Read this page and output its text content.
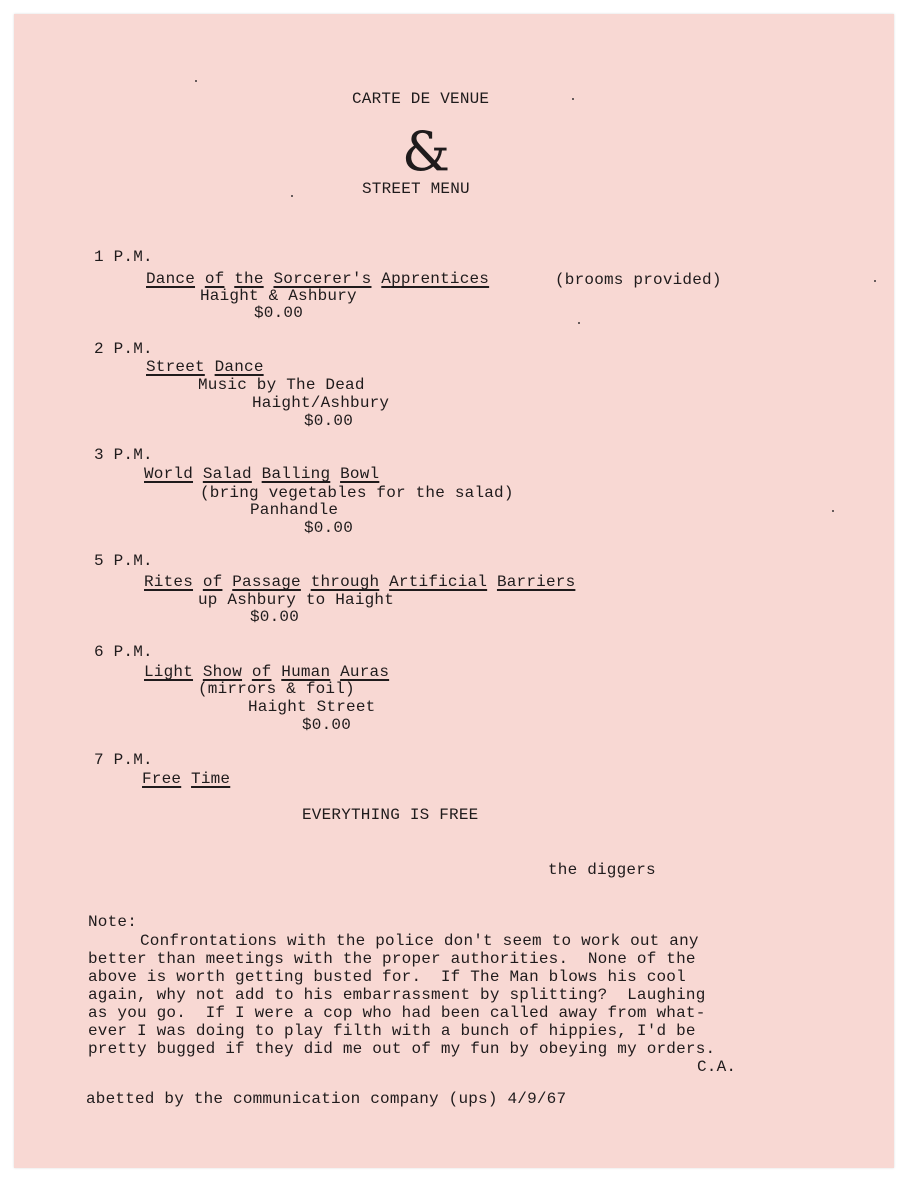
CARTE DE VENUE
&
STREET MENU
1 P.M.
Dance of the Sorcerer's Apprentices	(brooms provided)
Haight & Ashbury
$0.00
2 P.M.
Street Dance
Music by The Dead
Haight/Ashbury
$0.00
3 P.M.
World Salad Balling Bowl
(bring vegetables for the salad)
Panhandle
$0.00
5 P.M.
Rites of Passage through Artificial Barriers
up Ashbury to Haight
$0.00
6 P.M.
Light Show of Human Auras
(mirrors & foil)
Haight Street
$0.00
7 P.M.
Free Time
EVERYTHING IS FREE
the diggers
Note:
Confrontations with the police don't seem to work out any
better than meetings with the proper authorities.  None of the
above is worth getting busted for.  If The Man blows his cool
again, why not add to his embarrassment by splitting?  Laughing
as you go.  If I were a cop who had been called away from what-
ever I was doing to play filth with a bunch of hippies, I'd be
pretty bugged if they did me out of my fun by obeying my orders.
C.A.
abetted by the communication company (ups) 4/9/67
